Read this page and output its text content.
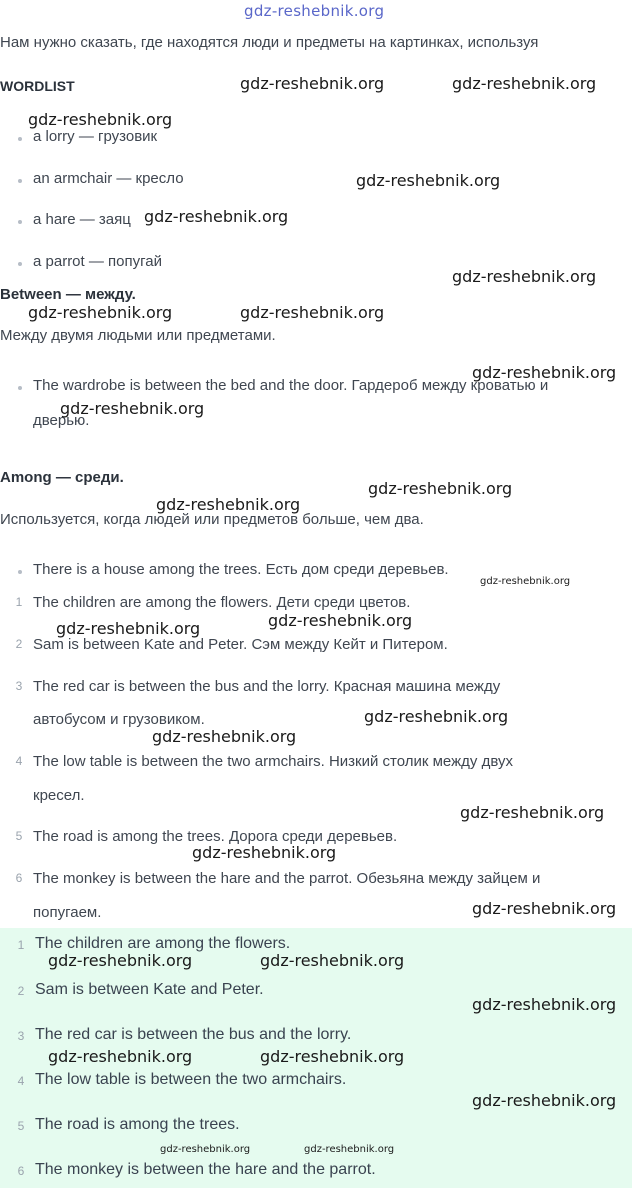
gdz-reshebnik.org
Нам нужно сказать, где находятся люди и предметы на картинках, используя
WORDLIST
a lorry — грузовик
an armchair — кресло
a hare — заяц
a parrot — попугай
Between — между.
Между двумя людьми или предметами.
The wardrobe is between the bed and the door. Гардероб между кроватью и
дверью.
Among — среди.
Используется, когда людей или предметов больше, чем два.
There is a house among the trees. Есть дом среди деревьев.
1 The children are among the flowers. Дети среди цветов.
2 Sam is between Kate and Peter. Сэм между Кейт и Питером.
3 The red car is between the bus and the lorry. Красная машина между
автобусом и грузовиком.
4 The low table is between the two armchairs. Низкий столик между двух
кресел.
5 The road is among the trees. Дорога среди деревьев.
6 The monkey is between the hare and the parrot. Обезьяна между зайцем и
попугаем.
1 The children are among the flowers.
2 Sam is between Kate and Peter.
3 The red car is between the bus and the lorry.
4 The low table is between the two armchairs.
5 The road is among the trees.
6 The monkey is between the hare and the parrot.
gdz-reshebnik.org	gdz-reshebnik.org
gdz-reshebnik.org
gdz-reshebnik.org
gdz-reshebnik.org
gdz-reshebnik.org
gdz-reshebnik.org	gdz-reshebnik.org
gdz-reshebnik.org
gdz-reshebnik.org
gdz-reshebnik.org
gdz-reshebnik.org
gdz-reshebnik.org
gdz-reshebnik.org
gdz-reshebnik.org
gdz-reshebnik.org
gdz-reshebnik.org
gdz-reshebnik.org
gdz-reshebnik.org
gdz-reshebnik.org
gdz-reshebnik.org	gdz-reshebnik.org
gdz-reshebnik.org
gdz-reshebnik.org	gdz-reshebnik.org
gdz-reshebnik.org
gdz-reshebnik.org	gdz-reshebnik.org
